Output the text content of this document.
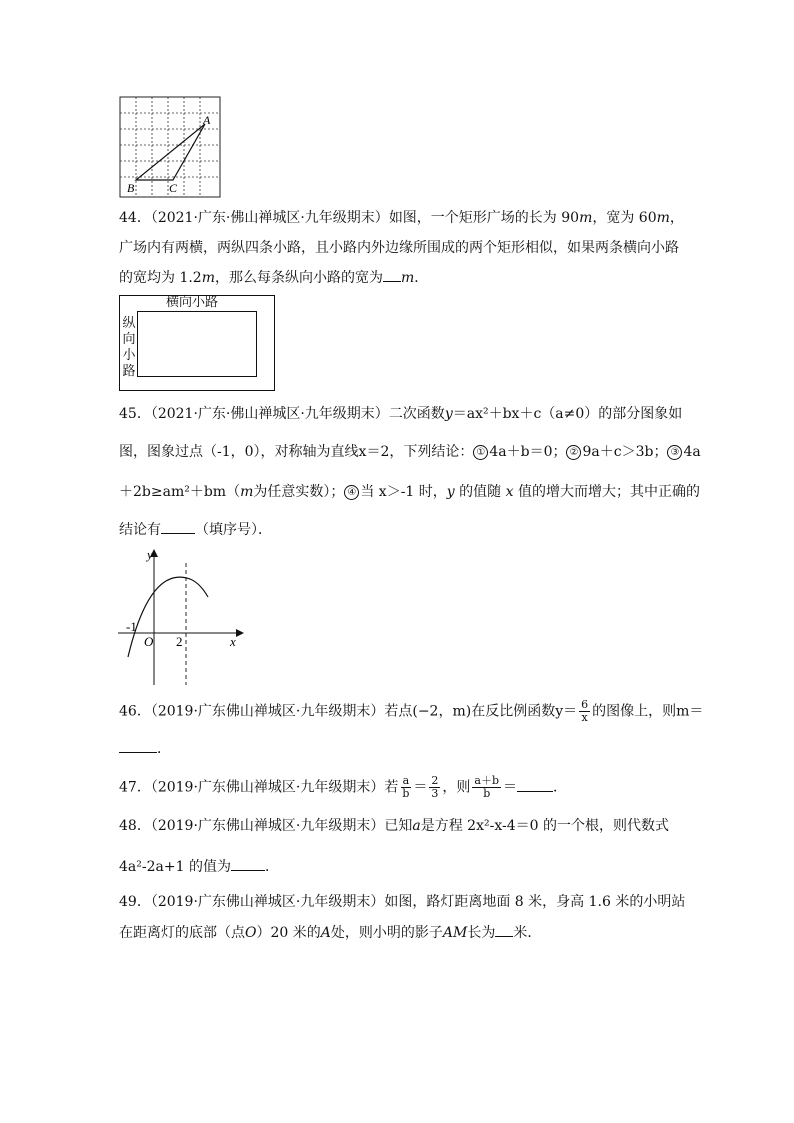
A
B	C
44．（2021·广东·佛山禅城区·九年级期末）如图，一个矩形广场的长为 90m，宽为 60m，
广场内有两横，两纵四条小路，且小路内外边缘所围成的两个矩形相似，如果两条横向小路
的宽均为 1.2m，那么每条纵向小路的宽为 m．
横向小路
纵
向
小
路
45．（2021·广东·佛山禅城区·九年级期末）二次函数y＝ax²＋bx＋c（a≠0）的部分图象如
图，图象过点（-1，0），对称轴为直线x＝2，下列结论： ① 4a＋b＝0； ② 9a＋c＞3b； ③ 4a
＋2b≥am²＋bm（m为任意实数）； ④ 当 x＞-1 时，y 的值随 x 值的增大而增大；其中正确的
结论有 （填序号）．
y
x
O
-1
2
46．（2019·广东佛山禅城区·九年级期末）若点(−2，m)在反比例函数$y= \frac{6}{x}$ 的图像上，则m＝
．
47．（2019·广东佛山禅城区·九年级期末）若 $\frac{a}{b} = \frac{2}{3}$ ，则 $\frac{a+b}{b}$ ＝	．
48．（2019·广东佛山禅城区·九年级期末）已知a是方程 2x²-x-4＝0 的一个根，则代数式
4a²-2a+1 的值为 ．
49．（2019·广东佛山禅城区·九年级期末）如图，路灯距离地面 8 米，身高 1.6 米的小明站
在距离灯的底部（点O）20 米的A处，则小明的影子AM长为 米．
